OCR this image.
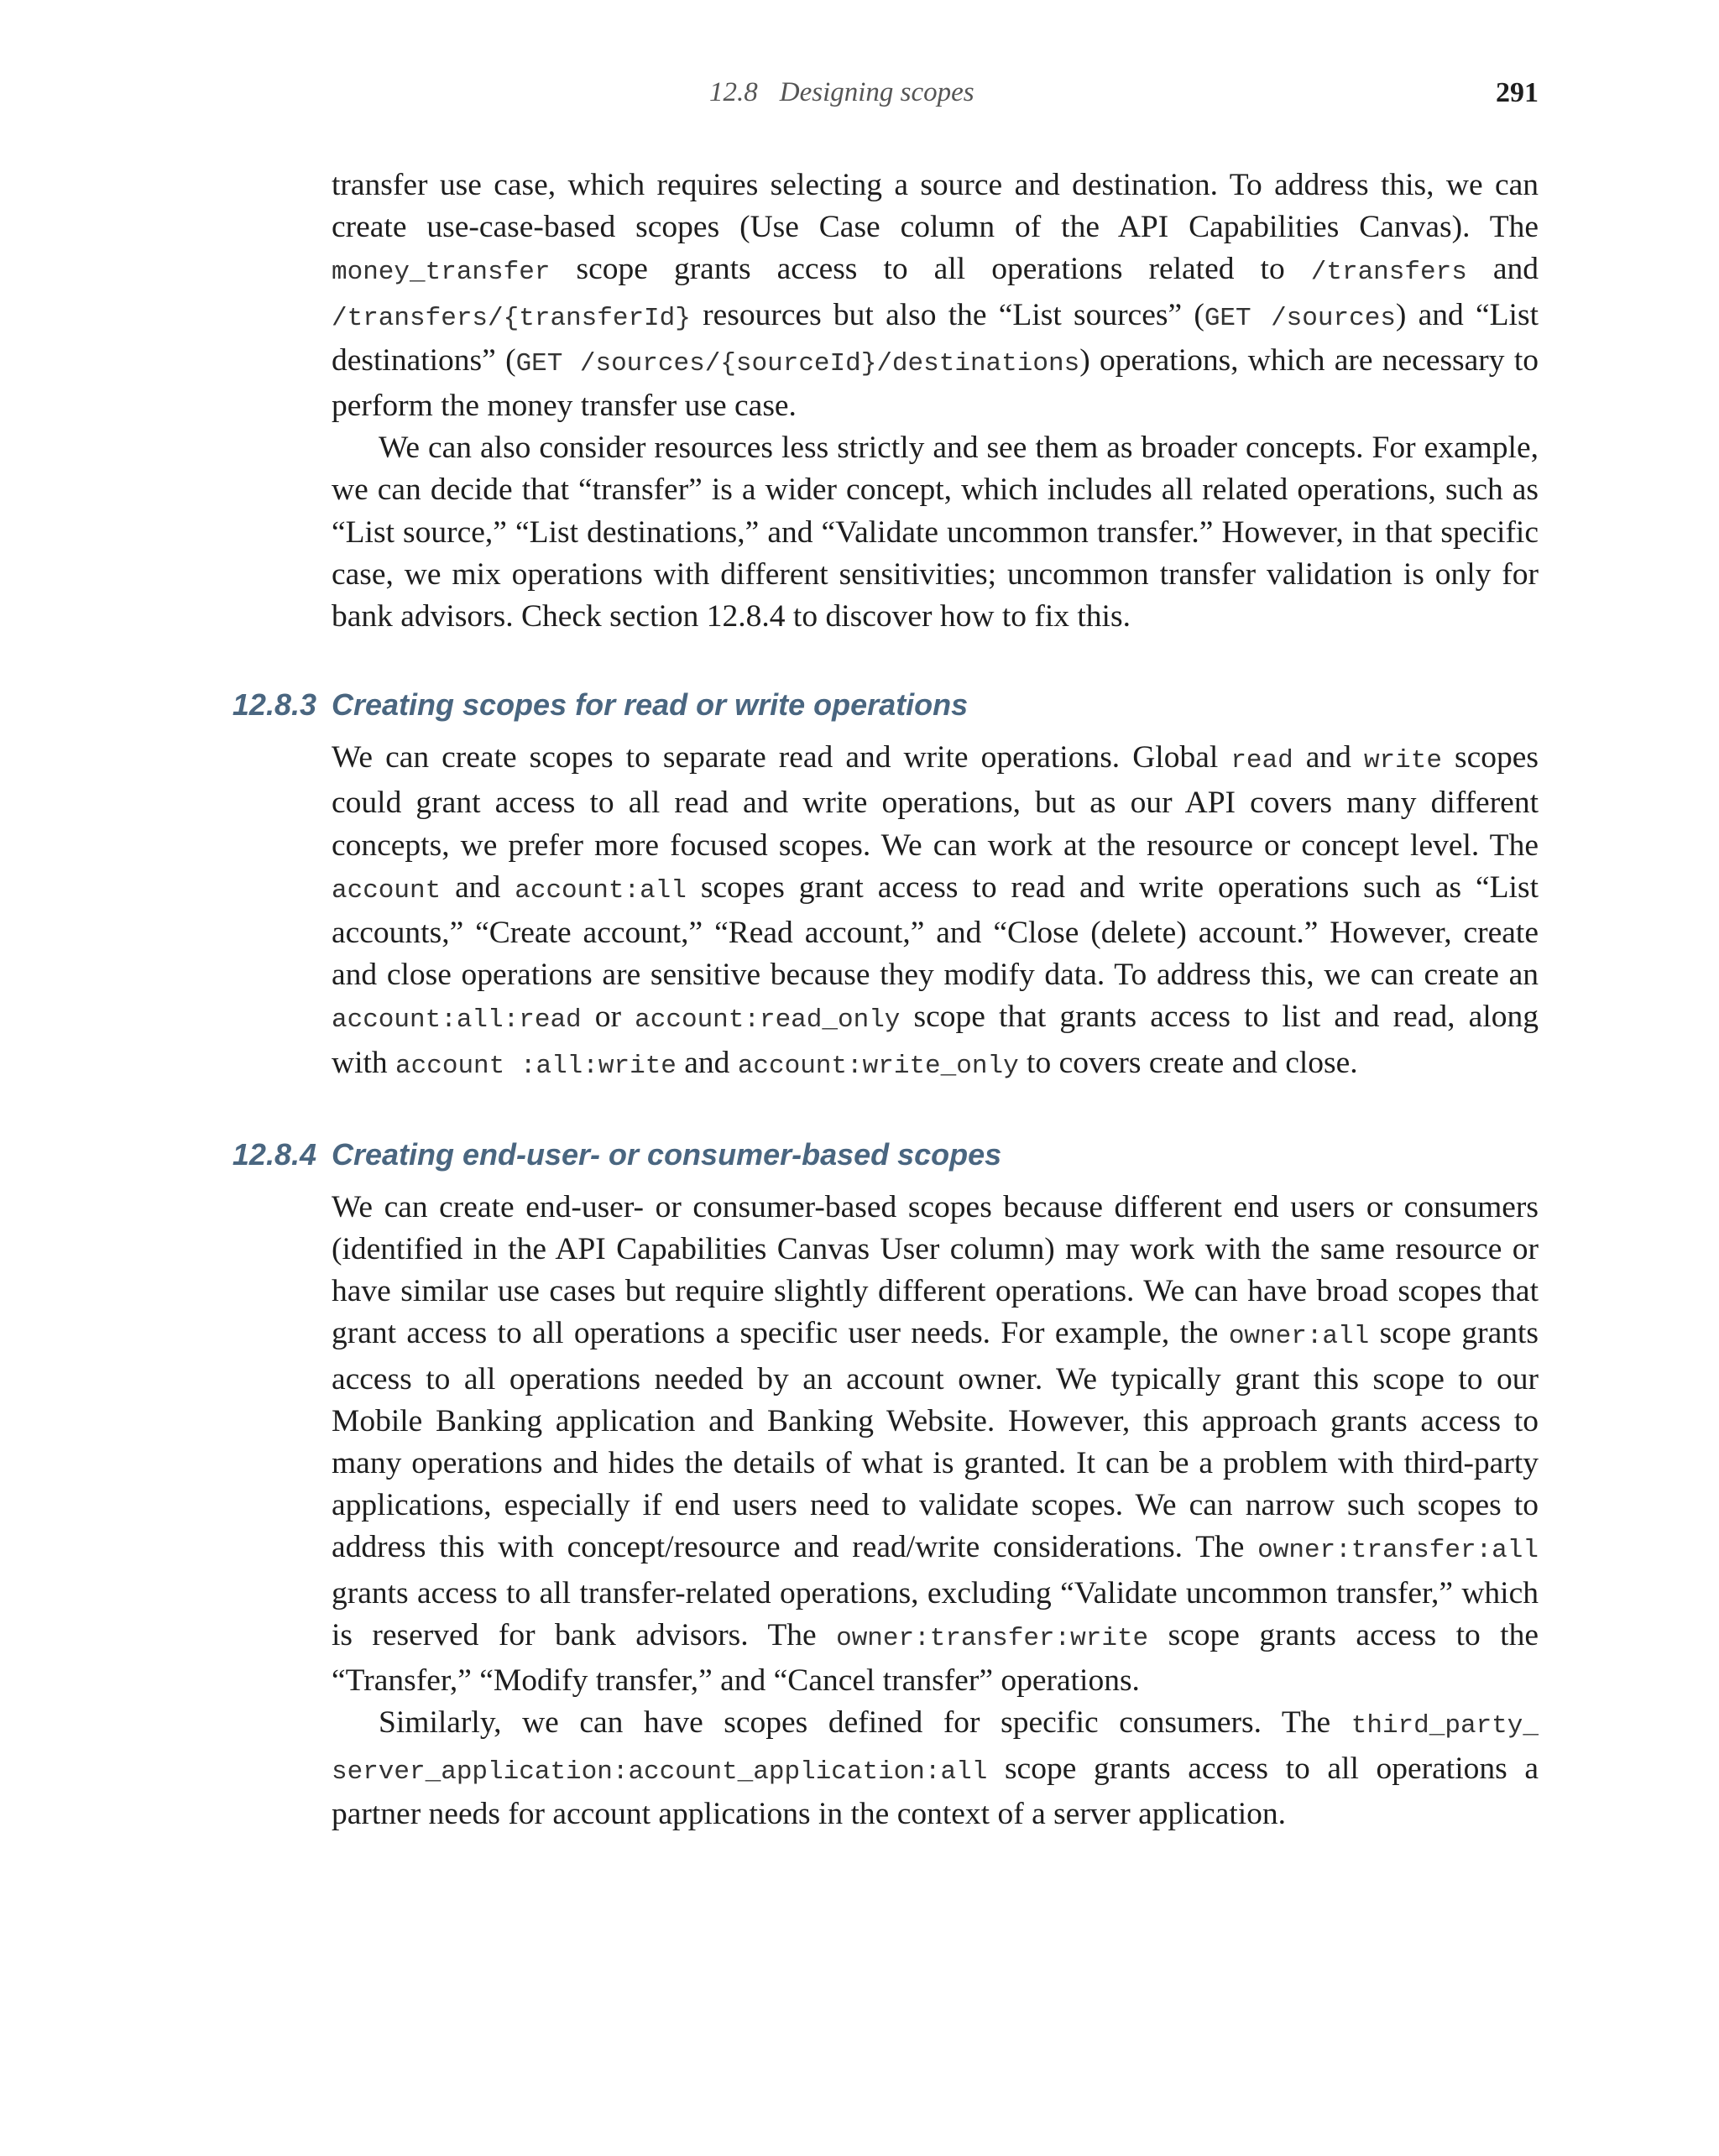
12.8 Designing scopes	291

transfer use case, which requires selecting a source and destination. To address this, we can create use-case-based scopes (Use Case column of the API Capabilities Canvas). The money_transfer scope grants access to all operations related to /transfers and /transfers/{transferId} resources but also the “List sources” (GET /sources) and “List destinations” (GET /sources/{sourceId}/destinations) operations, which are necessary to perform the money transfer use case.

We can also consider resources less strictly and see them as broader concepts. For example, we can decide that “transfer” is a wider concept, which includes all related operations, such as “List source,” “List destinations,” and “Validate uncommon transfer.” However, in that specific case, we mix operations with different sensitivities; uncommon transfer validation is only for bank advisors. Check section 12.8.4 to discover how to fix this.

12.8.3 Creating scopes for read or write operations

We can create scopes to separate read and write operations. Global read and write scopes could grant access to all read and write operations, but as our API covers many different concepts, we prefer more focused scopes. We can work at the resource or concept level. The account and account:all scopes grant access to read and write operations such as “List accounts,” “Create account,” “Read account,” and “Close (delete) account.” However, create and close operations are sensitive because they modify data. To address this, we can create an account:all:read or account:read_only scope that grants access to list and read, along with account :all:write and account:write_only to covers create and close.

12.8.4 Creating end-user- or consumer-based scopes

We can create end-user- or consumer-based scopes because different end users or consumers (identified in the API Capabilities Canvas User column) may work with the same resource or have similar use cases but require slightly different operations. We can have broad scopes that grant access to all operations a specific user needs. For example, the owner:all scope grants access to all operations needed by an account owner. We typically grant this scope to our Mobile Banking application and Banking Website. However, this approach grants access to many operations and hides the details of what is granted. It can be a problem with third-party applications, especially if end users need to validate scopes. We can narrow such scopes to address this with concept/resource and read/write considerations. The owner:transfer:all grants access to all transfer-related operations, excluding “Validate uncommon transfer,” which is reserved for bank advisors. The owner:transfer:write scope grants access to the “Transfer,” “Modify transfer,” and “Cancel transfer” operations.

Similarly, we can have scopes defined for specific consumers. The third_party_ server_application:account_application:all scope grants access to all operations a partner needs for account applications in the context of a server application.
